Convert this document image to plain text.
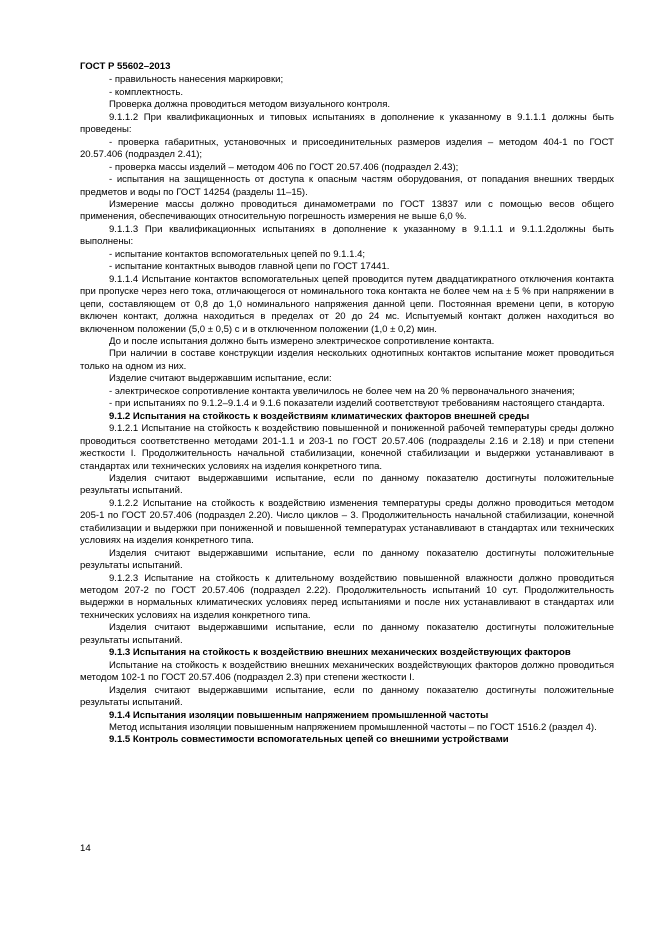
ГОСТ Р 55602–2013

- правильность нанесения маркировки;

- комплектность.

Проверка должна проводиться методом визуального контроля.

9.1.1.2 При квалификационных и типовых испытаниях в дополнение к указанному в 9.1.1.1 должны быть проведены:

- проверка габаритных, установочных и присоединительных размеров изделия – методом 404-1 по ГОСТ 20.57.406 (подраздел 2.41);

- проверка массы изделий – методом 406 по ГОСТ 20.57.406 (подраздел 2.43);

- испытания на защищенность от доступа к опасным частям оборудования, от попадания внешних твердых предметов и воды по ГОСТ 14254 (разделы 11–15).

Измерение массы должно проводиться динамометрами по ГОСТ 13837 или с помощью весов общего применения, обеспечивающих относительную погрешность измерения не выше 6,0 %.

9.1.1.3 При квалификационных испытаниях в дополнение к указанному в 9.1.1.1 и 9.1.1.2должны быть выполнены:

- испытание контактов вспомогательных цепей по 9.1.1.4;

- испытание контактных выводов главной цепи по ГОСТ 17441.

9.1.1.4 Испытание контактов вспомогательных цепей проводится путем двадцатикратного отключения контакта при пропуске через него тока, отличающегося от номинального тока контакта не более чем на ± 5 % при напряжении в цепи, составляющем от 0,8 до 1,0 номинального напряжения данной цепи. Постоянная времени цепи, в которую включен контакт, должна находиться в пределах от 20 до 24 мс. Испытуемый контакт должен находиться во включенном положении (5,0 ± 0,5) с и в отключенном положении (1,0 ± 0,2) мин.

До и после испытания должно быть измерено электрическое сопротивление контакта.

При наличии в составе конструкции изделия нескольких однотипных контактов испытание может проводиться только на одном из них.

Изделие считают выдержавшим испытание, если:

- электрическое сопротивление контакта увеличилось не более чем на 20 % первоначального значения;

- при испытаниях по 9.1.2–9.1.4 и 9.1.6 показатели изделий соответствуют требованиям настоящего стандарта.

9.1.2 Испытания на стойкость к воздействиям климатических факторов внешней среды

9.1.2.1 Испытание на стойкость к воздействию повышенной и пониженной рабочей температуры среды должно проводиться соответственно методами 201-1.1 и 203-1 по ГОСТ 20.57.406 (подразделы 2.16 и 2.18) и при степени жесткости I. Продолжительность начальной стабилизации, конечной стабилизации и выдержки устанавливают в стандартах или технических условиях на изделия конкретного типа.

Изделия считают выдержавшими испытание, если по данному показателю достигнуты положительные результаты испытаний.

9.1.2.2 Испытание на стойкость к воздействию изменения температуры среды должно проводиться методом 205-1 по ГОСТ 20.57.406 (подраздел 2.20). Число циклов – 3. Продолжительность начальной стабилизации, конечной стабилизации и выдержки при пониженной и повышенной температурах устанавливают в стандартах или технических условиях на изделия конкретного типа.

Изделия считают выдержавшими испытание, если по данному показателю достигнуты положительные результаты испытаний.

9.1.2.3 Испытание на стойкость к длительному воздействию повышенной влажности должно проводиться методом 207-2 по ГОСТ 20.57.406 (подраздел 2.22). Продолжительность испытаний 10 сут. Продолжительность выдержки в нормальных климатических условиях перед испытаниями и после них устанавливают в стандартах или технических условиях на изделия конкретного типа.

Изделия считают выдержавшими испытание, если по данному показателю достигнуты положительные результаты испытаний.

9.1.3 Испытания на стойкость к воздействию внешних механических воздействующих факторов

Испытание на стойкость к воздействию внешних механических воздействующих факторов должно проводиться методом 102-1 по ГОСТ 20.57.406 (подраздел 2.3) при степени жесткости I.

Изделия считают выдержавшими испытание, если по данному показателю достигнуты положительные результаты испытаний.

9.1.4 Испытания изоляции повышенным напряжением промышленной частоты

Метод испытания изоляции повышенным напряжением промышленной частоты – по ГОСТ 1516.2 (раздел 4).

9.1.5 Контроль совместимости вспомогательных цепей со внешними устройствами

14
